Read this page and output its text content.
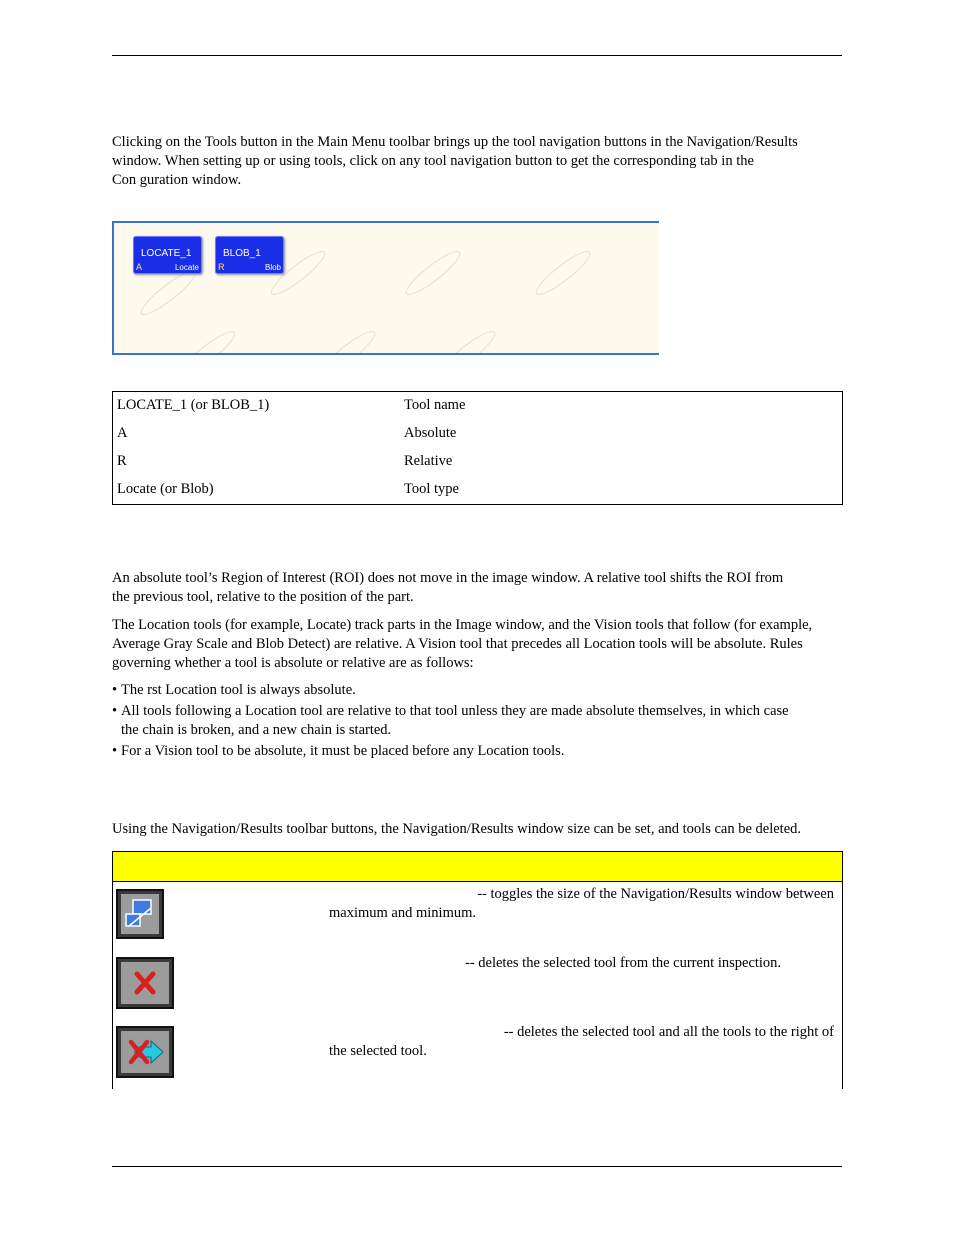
Clicking on the Tools button in the Main Menu toolbar brings up the tool navigation buttons in the Navigation/Results
window. When setting up or using tools, click on any tool navigation button to get the corresponding tab in the
Con guration window.

LOCATE_1
A	Locate
BLOB_1
R	Blob
LOCATE_1 (or BLOB_1)	Tool name
A	Absolute
R	Relative
Locate (or Blob)	Tool type

An absolute tool’s Region of Interest (ROI) does not move in the image window. A relative tool shifts the ROI from
the previous tool, relative to the position of the part.

The Location tools (for example, Locate) track parts in the Image window, and the Vision tools that follow (for example,
Average Gray Scale and Blob Detect) are relative. A Vision tool that precedes all Location tools will be absolute. Rules
governing whether a tool is absolute or relative are as follows:

• The rst Location tool is always absolute.
• All tools following a Location tool are relative to that tool unless they are made absolute themselves, in which case
the chain is broken, and a new chain is started.
• For a Vision tool to be absolute, it must be placed before any Location tools.

Using the Navigation/Results toolbar buttons, the Navigation/Results window size can be set, and tools can be deleted.

-- toggles the size of the Navigation/Results window between
maximum and minimum.
-- deletes the selected tool from the current inspection.
-- deletes the selected tool and all the tools to the right of
the selected tool.
